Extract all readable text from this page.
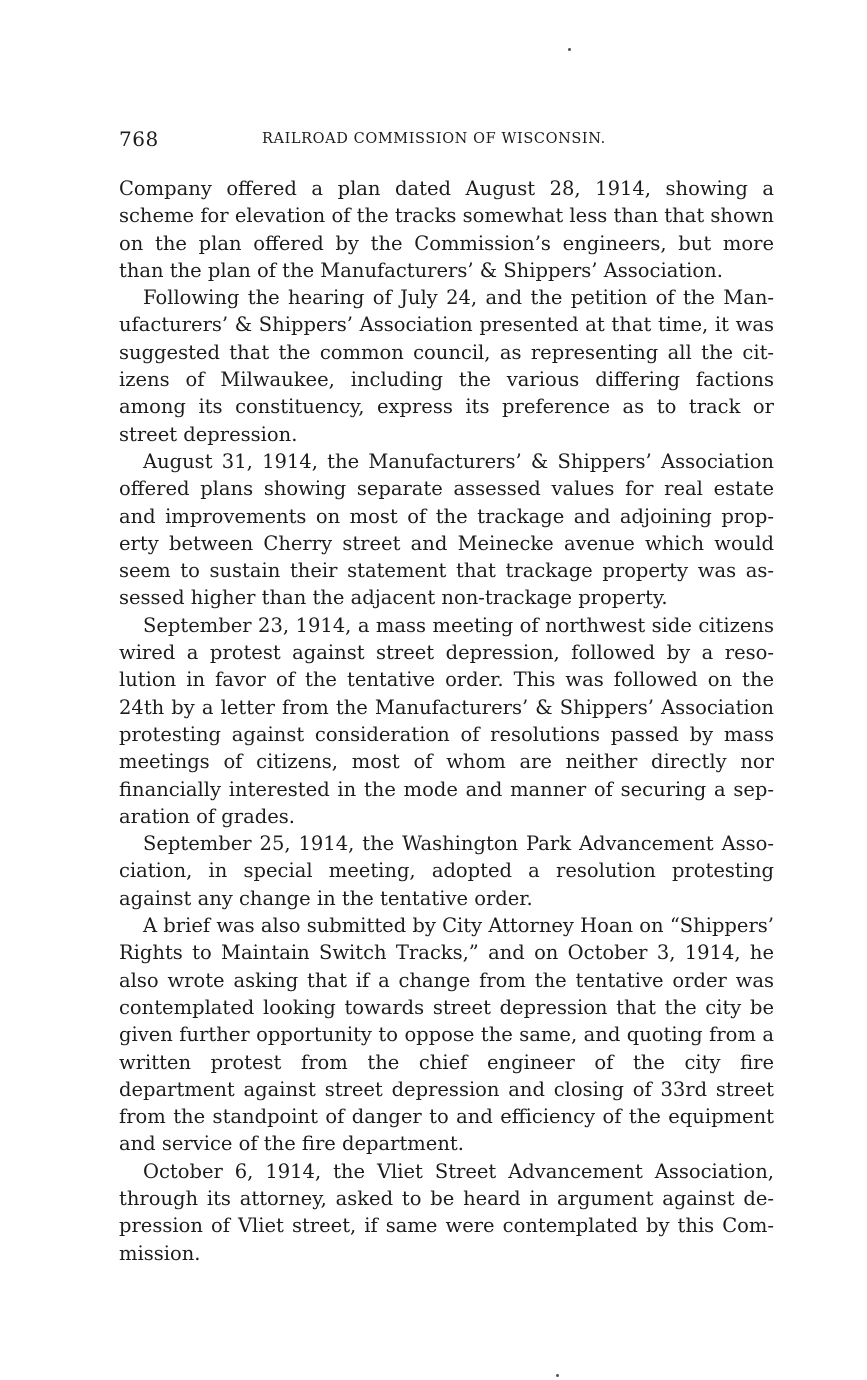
768	RAILROAD COMMISSION OF WISCONSIN.

Company offered a plan dated August 28, 1914, showing a scheme for elevation of the tracks somewhat less than that shown on the plan offered by the Commission’s engineers, but more than the plan of the Manufacturers’ & Shippers’ Association.

Following the hearing of July 24, and the petition of the Manufacturers’ & Shippers’ Association presented at that time, it was suggested that the common council, as representing all the citizens of Milwaukee, including the various differing factions among its constituency, express its preference as to track or street depression.

August 31, 1914, the Manufacturers’ & Shippers’ Association offered plans showing separate assessed values for real estate and improvements on most of the trackage and adjoining property between Cherry street and Meinecke avenue which would seem to sustain their statement that trackage property was assessed higher than the adjacent non-trackage property.

September 23, 1914, a mass meeting of northwest side citizens wired a protest against street depression, followed by a resolution in favor of the tentative order. This was followed on the 24th by a letter from the Manufacturers’ & Shippers’ Association protesting against consideration of resolutions passed by mass meetings of citizens, most of whom are neither directly nor financially interested in the mode and manner of securing a separation of grades.

September 25, 1914, the Washington Park Advancement Association, in special meeting, adopted a resolution protesting against any change in the tentative order.

A brief was also submitted by City Attorney Hoan on “Shippers’ Rights to Maintain Switch Tracks,” and on October 3, 1914, he also wrote asking that if a change from the tentative order was contemplated looking towards street depression that the city be given further opportunity to oppose the same, and quoting from a written protest from the chief engineer of the city fire department against street depression and closing of 33rd street from the standpoint of danger to and efficiency of the equipment and service of the fire department.

October 6, 1914, the Vliet Street Advancement Association, through its attorney, asked to be heard in argument against depression of Vliet street, if same were contemplated by this Commission.
